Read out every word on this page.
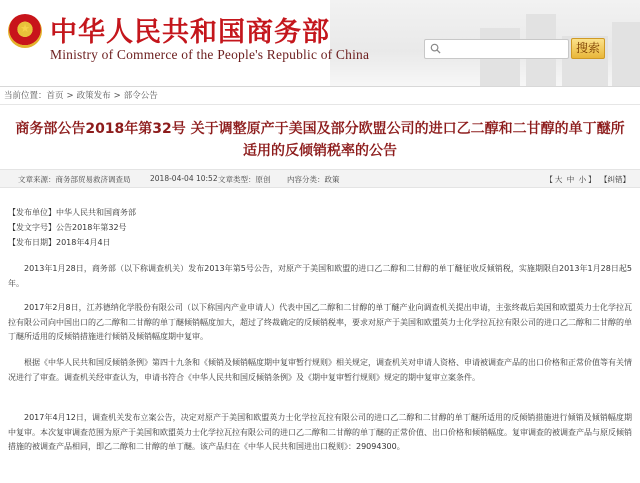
★ 中华人民共和国商务部
Ministry of Commerce of the People's Republic of China	搜索
当前位置：首页 > 政策发布 > 部令公告
商务部公告2018年第32号 关于调整原产于美国及部分欧盟公司的进口乙二醇和二甘醇的单丁醚所
适用的反倾销税率的公告
文章来源：商务部贸易救济调查局	2018-04-04 10:52 文章类型：原创 内容分类：政策	【 大 中 小 】 【纠错】
【发布单位】中华人民共和国商务部
【发文字号】公告2018年第32号
【发布日期】2018年4月4日
2013年1月28日，商务部（以下称调查机关）发布2013年第5号公告，对原产于美国和欧盟的进口乙二醇和二甘醇的单丁醚征收反倾销税，实施期限自2013年1月28日起5年。
2017年2月8日，江苏德纳化学股份有限公司（以下称国内产业申请人）代表中国乙二醇和二甘醇的单丁醚产业向调查机关提出申请，主张终裁后美国和欧盟英力士化学拉瓦拉有限公司向中国出口的乙二醇和二甘醇的单丁醚倾销幅度加大，超过了终裁确定的反倾销税率，要求对原产于美国和欧盟英力士化学拉瓦拉有限公司的进口乙二醇和二甘醇的单丁醚所适用的反倾销措施进行倾销及倾销幅度期中复审。
根据《中华人民共和国反倾销条例》第四十九条和《倾销及倾销幅度期中复审暂行规则》相关规定，调查机关对申请人资格、申请被调查产品的出口价格和正常价值等有关情况进行了审查。调查机关经审查认为，申请书符合《中华人民共和国反倾销条例》及《期中复审暂行规则》规定的期中复审立案条件。
2017年4月12日，调查机关发布立案公告，决定对原产于美国和欧盟英力士化学拉瓦拉有限公司的进口乙二醇和二甘醇的单丁醚所适用的反倾销措施进行倾销及倾销幅度期中复审。本次复审调查范围为原产于美国和欧盟英力士化学拉瓦拉有限公司的进口乙二醇和二甘醇的单丁醚的正常价值、出口价格和倾销幅度。复审调查的被调查产品与原反倾销措施的被调查产品相同，即乙二醇和二甘醇的单丁醚。该产品归在《中华人民共和国进出口税则》：29094300。
